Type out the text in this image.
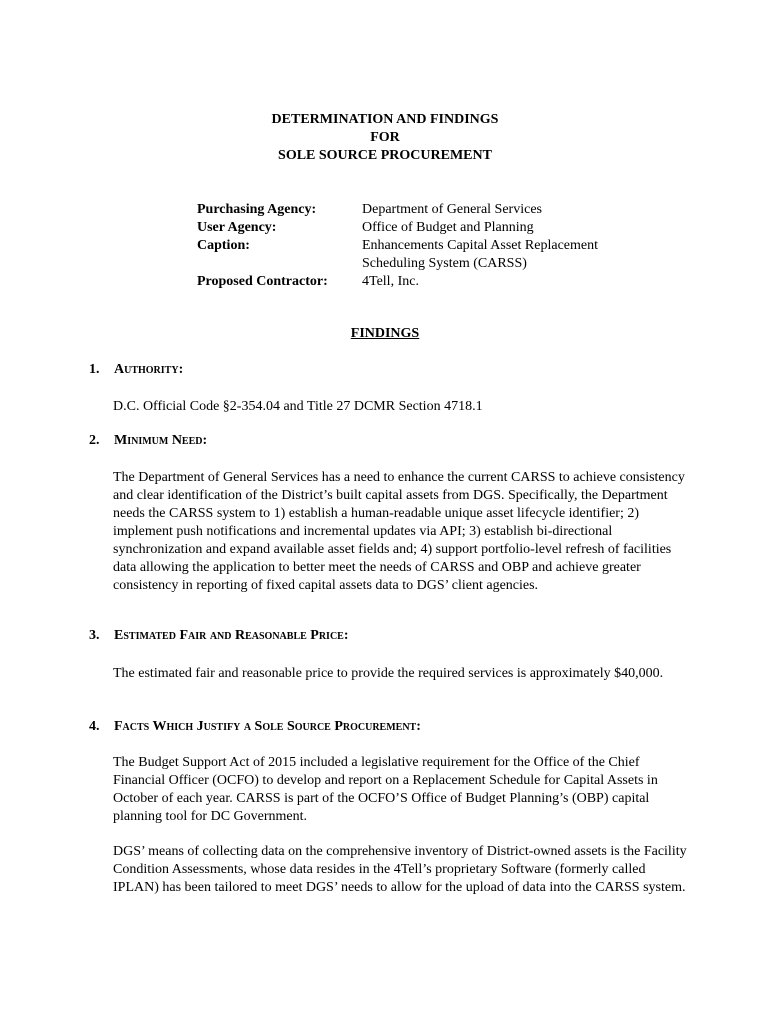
DETERMINATION AND FINDINGS
FOR
SOLE SOURCE PROCUREMENT
Purchasing Agency:	Department of General Services
User Agency:	Office of Budget and Planning
Caption:	Enhancements Capital Asset Replacement
Scheduling System (CARSS)
Proposed Contractor:	4Tell, Inc.
FINDINGS
1.	Authority:
D.C. Official Code §2-354.04 and Title 27 DCMR Section 4718.1
2.	Minimum Need:
The Department of General Services has a need to enhance the current CARSS to achieve consistency and clear identification of the District’s built capital assets from DGS. Specifically, the Department needs the CARSS system to 1) establish a human-readable unique asset lifecycle identifier; 2) implement push notifications and incremental updates via API; 3) establish bi-directional synchronization and expand available asset fields and; 4) support portfolio-level refresh of facilities data allowing the application to better meet the needs of CARSS and OBP and achieve greater consistency in reporting of fixed capital assets data to DGS’ client agencies.
3.	Estimated Fair and Reasonable Price:
The estimated fair and reasonable price to provide the required services is approximately $40,000.
4.	Facts Which Justify a Sole Source Procurement:
The Budget Support Act of 2015 included a legislative requirement for the Office of the Chief Financial Officer (OCFO) to develop and report on a Replacement Schedule for Capital Assets in October of each year. CARSS is part of the OCFO’S Office of Budget Planning’s (OBP) capital planning tool for DC Government.
DGS’ means of collecting data on the comprehensive inventory of District-owned assets is the Facility Condition Assessments, whose data resides in the 4Tell’s proprietary Software (formerly called IPLAN) has been tailored to meet DGS’ needs to allow for the upload of data into the CARSS system.
